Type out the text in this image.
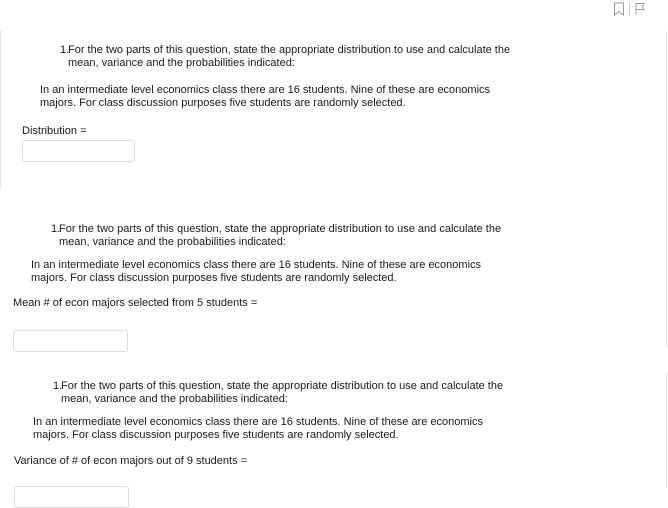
1.
For the two parts of this question, state the appropriate distribution to use and calculate the mean, variance and the probabilities indicated:
In an intermediate level economics class there are 16 students. Nine of these are economics majors. For class discussion purposes five students are randomly selected.
Distribution =
1.
For the two parts of this question, state the appropriate distribution to use and calculate the mean, variance and the probabilities indicated:
In an intermediate level economics class there are 16 students. Nine of these are economics majors. For class discussion purposes five students are randomly selected.
Mean # of econ majors selected from 5 students =
1.
For the two parts of this question, state the appropriate distribution to use and calculate the mean, variance and the probabilities indicated:
In an intermediate level economics class there are 16 students. Nine of these are economics majors. For class discussion purposes five students are randomly selected.
Variance of # of econ majors out of 9 students =
